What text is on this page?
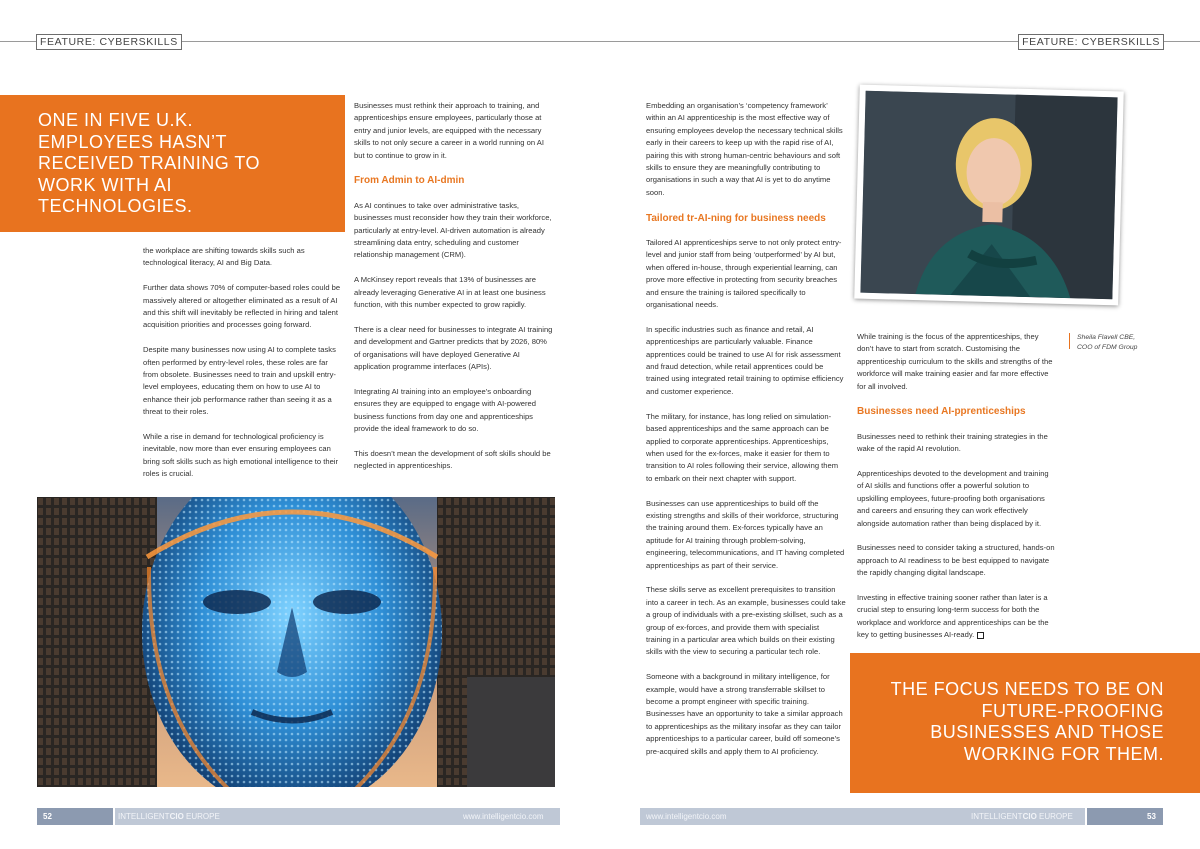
FEATURE: CYBERSKILLS	FEATURE: CYBERSKILLS
ONE IN FIVE U.K. EMPLOYEES HASN’T RECEIVED TRAINING TO WORK WITH AI TECHNOLOGIES.

the workplace are shifting towards skills such as technological literacy, AI and Big Data.

Further data shows 70% of computer-based roles could be massively altered or altogether eliminated as a result of AI and this shift will inevitably be reflected in hiring and talent acquisition priorities and processes going forward.

Despite many businesses now using AI to complete tasks often performed by entry-level roles, these roles are far from obsolete. Businesses need to train and upskill entry-level employees, educating them on how to use AI to enhance their job performance rather than seeing it as a threat to their roles.

While a rise in demand for technological proficiency is inevitable, now more than ever ensuring employees can bring soft skills such as high emotional intelligence to their roles is crucial.

Businesses must rethink their approach to training, and apprenticeships ensure employees, particularly those at entry and junior levels, are equipped with the necessary skills to not only secure a career in a world running on AI but to continue to grow in it.

From Admin to AI-dmin

As AI continues to take over administrative tasks, businesses must reconsider how they train their workforce, particularly at entry-level. AI-driven automation is already streamlining data entry, scheduling and customer relationship management (CRM).

A McKinsey report reveals that 13% of businesses are already leveraging Generative AI in at least one business function, with this number expected to grow rapidly.

There is a clear need for businesses to integrate AI training and development and Gartner predicts that by 2026, 80% of organisations will have deployed Generative AI application programme interfaces (APIs).

Integrating AI training into an employee’s onboarding ensures they are equipped to engage with AI-powered business functions from day one and apprenticeships provide the ideal framework to do so.

This doesn’t mean the development of soft skills should be neglected in apprenticeships.

Embedding an organisation’s ‘competency framework’ within an AI apprenticeship is the most effective way of ensuring employees develop the necessary technical skills early in their careers to keep up with the rapid rise of AI, pairing this with strong human-centric behaviours and soft skills to ensure they are meaningfully contributing to organisations in such a way that AI is yet to do anytime soon.

Tailored tr-AI-ning for business needs

Tailored AI apprenticeships serve to not only protect entry-level and junior staff from being ‘outperformed’ by AI but, when offered in-house, through experiential learning, can prove more effective in protecting from security breaches and ensure the training is tailored specifically to organisational needs.

In specific industries such as finance and retail, AI apprenticeships are particularly valuable. Finance apprentices could be trained to use AI for risk assessment and fraud detection, while retail apprentices could be trained using integrated retail training to optimise efficiency and customer experience.

The military, for instance, has long relied on simulation-based apprenticeships and the same approach can be applied to corporate apprenticeships. Apprenticeships, when used for the ex-forces, make it easier for them to transition to AI roles following their service, allowing them to embark on their next chapter with support.

Businesses can use apprenticeships to build off the existing strengths and skills of their workforce, structuring the training around them. Ex-forces typically have an aptitude for AI training through problem-solving, engineering, telecommunications, and IT having completed apprenticeships as part of their service.

These skills serve as excellent prerequisites to transition into a career in tech. As an example, businesses could take a group of individuals with a pre-existing skillset, such as a group of ex-forces, and provide them with specialist training in a particular area which builds on their existing skills with the view to securing a particular tech role.

Someone with a background in military intelligence, for example, would have a strong transferrable skillset to become a prompt engineer with specific training. Businesses have an opportunity to take a similar approach to apprenticeships as the military insofar as they can tailor apprenticeships to a particular career, build off someone’s pre-acquired skills and apply them to AI proficiency.

Sheila Flavell CBE,
COO of FDM Group

While training is the focus of the apprenticeships, they don’t have to start from scratch. Customising the apprenticeship curriculum to the skills and strengths of the workforce will make training easier and far more effective for all involved.

Businesses need AI-pprenticeships

Businesses need to rethink their training strategies in the wake of the rapid AI revolution.

Apprenticeships devoted to the development and training of AI skills and functions offer a powerful solution to upskilling employees, future-proofing both organisations and careers and ensuring they can work effectively alongside automation rather than being displaced by it.

Businesses need to consider taking a structured, hands-on approach to AI readiness to be best equipped to navigate the rapidly changing digital landscape.

Investing in effective training sooner rather than later is a crucial step to ensuring long-term success for both the workplace and workforce and apprenticeships can be the key to getting businesses AI-ready.

THE FOCUS NEEDS TO BE ON FUTURE-PROOFING BUSINESSES AND THOSE WORKING FOR THEM.
52	INTELLIGENTCIO EUROPE	www.intelligentcio.com	www.intelligentcio.com	INTELLIGENTCIO EUROPE	53
